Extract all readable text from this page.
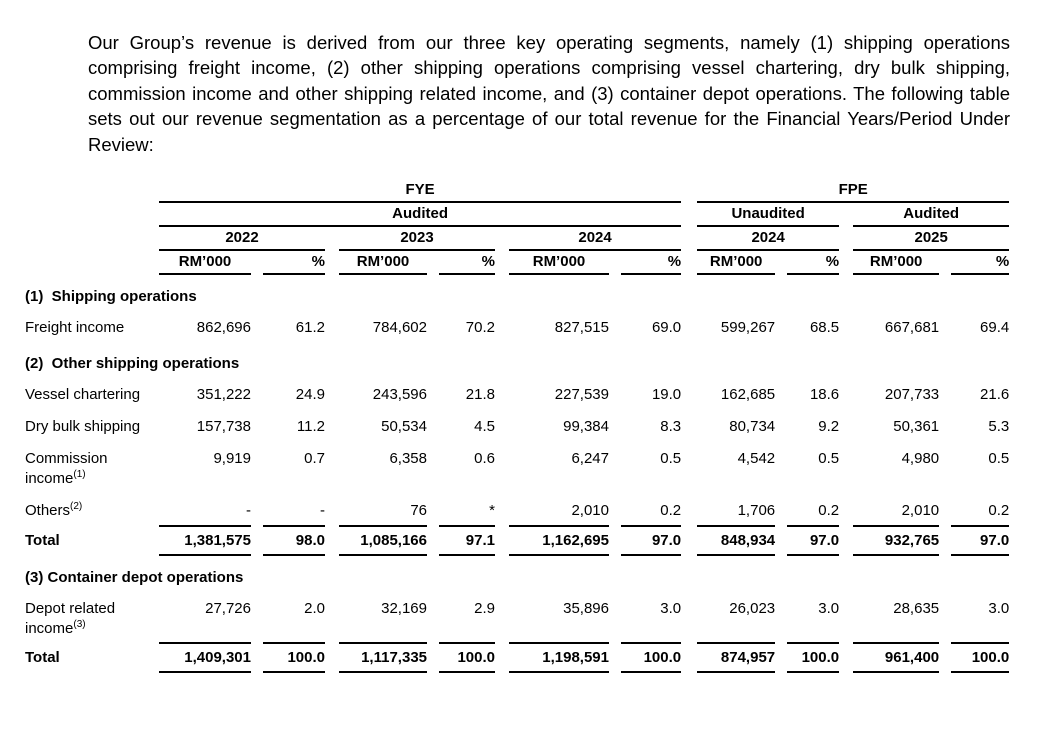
Our Group’s revenue is derived from our three key operating segments, namely (1) shipping operations comprising freight income, (2) other shipping operations comprising vessel chartering, dry bulk shipping, commission income and other shipping related income, and (3) container depot operations. The following table sets out our revenue segmentation as a percentage of our total revenue for the Financial Years/Period Under Review:

	FYE												FPE						
	Audited												Unaudited				Audited		
	2022				2023				2024				2024				2025		
	RM’000		%		RM’000		%		RM’000		%		RM’000		%		RM’000		%
(1)  Shipping operations																			
Freight income	862,696		61.2		784,602		70.2		827,515		69.0		599,267		68.5		667,681		69.4
(2)  Other shipping operations																			
Vessel chartering	351,222		24.9		243,596		21.8		227,539		19.0		162,685		18.6		207,733		21.6
Dry bulk shipping	157,738		11.2		50,534		4.5		99,384		8.3		80,734		9.2		50,361		5.3
Commission income$^{(1)}$	9,919		0.7		6,358		0.6		6,247		0.5		4,542		0.5		4,980		0.5
Others$^{(2)}$	-		-		76		*		2,010		0.2		1,706		0.2		2,010		0.2
Total	1,381,575		98.0		1,085,166		97.1		1,162,695		97.0		848,934		97.0		932,765		97.0
(3) Container depot operations																			
Depot related income$^{(3)}$	27,726		2.0		32,169		2.9		35,896		3.0		26,023		3.0		28,635		3.0
Total	1,409,301		100.0		1,117,335		100.0		1,198,591		100.0		874,957		100.0		961,400		100.0
